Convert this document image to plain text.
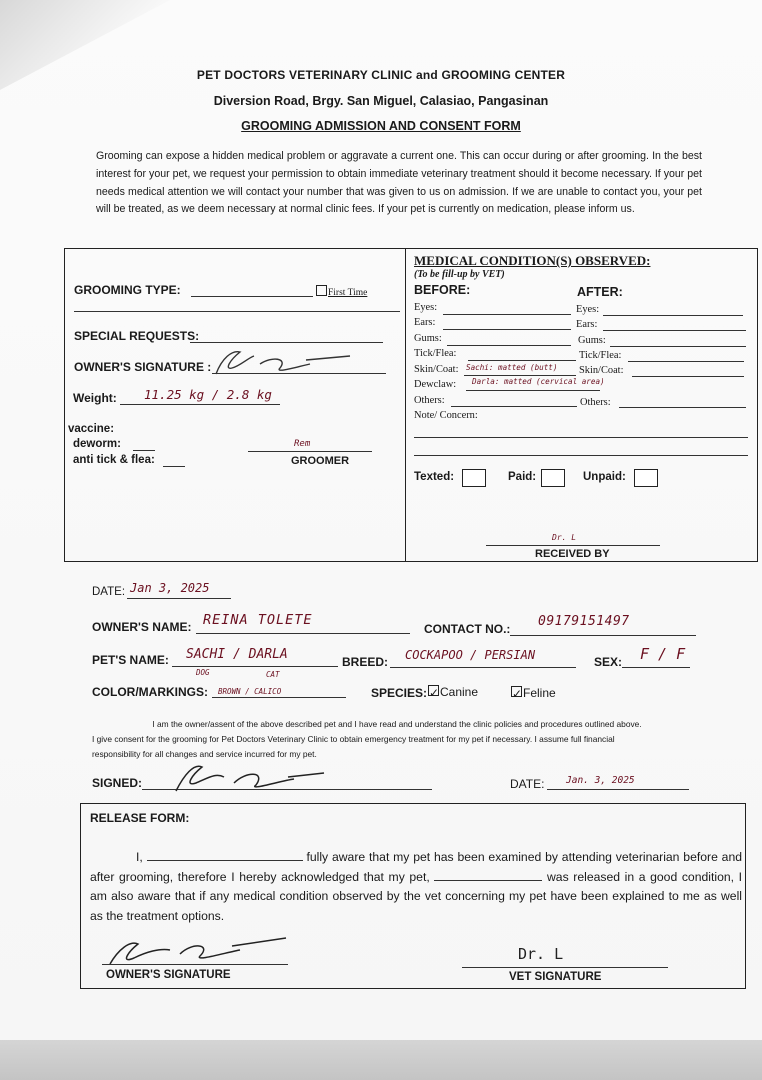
PET DOCTORS VETERINARY CLINIC and GROOMING CENTER
Diversion Road, Brgy. San Miguel, Calasiao, Pangasinan
GROOMING ADMISSION AND CONSENT FORM
Grooming can expose a hidden medical problem or aggravate a current one. This can occur during or after grooming. In the best interest for your pet, we request your permission to obtain immediate veterinary treatment should it become necessary. If your pet needs medical attention we will contact your number that was given to us on admission. If we are unable to contact you, your pet will be treated, as we deem necessary at normal clinic fees. If your pet is currently on medication, please inform us.
GROOMING TYPE:	First Time
SPECIAL REQUESTS:
OWNER'S SIGNATURE :
Weight: 11.25 kg / 2.8 kg
vaccine:
deworm:
anti tick & flea:
Rem
GROOMER
MEDICAL CONDITION(S) OBSERVED:
(To be fill-up by VET)
BEFORE:	AFTER:
Eyes:	Eyes:
Ears:	Ears:
Gums:	Gums:
Tick/Flea:	Tick/Flea:
Skin/Coat: Sachi: matted (butt) Skin/Coat:
Dewclaw: Darla: matted (cervical area)
Others:	Others:
Note/ Concern:
Texted:	Paid:	Unpaid:
Dr. L
RECEIVED BY
DATE: Jan 3, 2025
OWNER'S NAME: REINA TOLETE
CONTACT NO.: 09179151497
PET'S NAME: SACHI / DARLA
DOG	CAT
BREED: COCKAPOO / PERSIAN	SEX: F / F
COLOR/MARKINGS: BROWN / CALICO	SPECIES: ✓Canine	✓Feline
I am the owner/assent of the above described pet and I have read and understand the clinic policies and procedures outlined above.
I give consent for the grooming for Pet Doctors Veterinary Clinic to obtain emergency treatment for my pet if necessary. I assume full financial
responsibility for all changes and service incurred for my pet.
SIGNED:	DATE: Jan. 3, 2025
RELEASE FORM:
I,	fully aware that my pet has been examined by attending veterinarian before and after grooming, therefore I hereby acknowledged that my pet,	was released in a good condition, I am also aware that if any medical condition observed by the vet concerning my pet have been explained to me as well as the treatment options.
OWNER'S SIGNATURE
Dr. L
VET SIGNATURE
